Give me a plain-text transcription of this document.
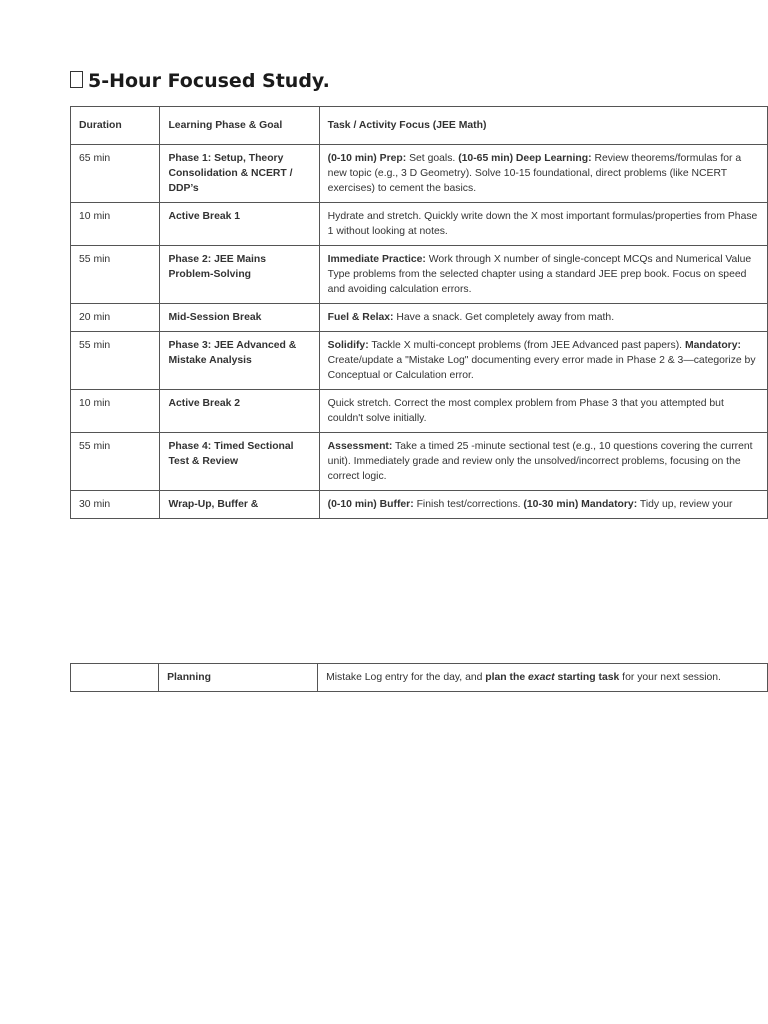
5-Hour Focused Study.
Duration	Learning Phase & Goal	Task / Activity Focus (JEE Math)
65 min	Phase 1: Setup, Theory Consolidation & NCERT / DDP’s	(0-10 min) Prep: Set goals. (10-65 min) Deep Learning: Review theorems/formulas for a new topic (e.g., 3 D Geometry). Solve 10-15 foundational, direct problems (like NCERT exercises) to cement the basics.
10 min	Active Break 1	Hydrate and stretch. Quickly write down the X most important formulas/properties from Phase 1 without looking at notes.
55 min	Phase 2: JEE Mains Problem-Solving	Immediate Practice: Work through X number of single-concept MCQs and Numerical Value Type problems from the selected chapter using a standard JEE prep book. Focus on speed and avoiding calculation errors.
20 min	Mid-Session Break	Fuel & Relax: Have a snack. Get completely away from math.
55 min	Phase 3: JEE Advanced & Mistake Analysis	Solidify: Tackle X multi-concept problems (from JEE Advanced past papers). Mandatory: Create/update a "Mistake Log" documenting every error made in Phase 2 & 3—categorize by Conceptual or Calculation error.
10 min	Active Break 2	Quick stretch. Correct the most complex problem from Phase 3 that you attempted but couldn't solve initially.
55 min	Phase 4: Timed Sectional Test & Review	Assessment: Take a timed 25 -minute sectional test (e.g., 10 questions covering the current unit). Immediately grade and review only the unsolved/incorrect problems, focusing on the correct logic.
30 min	Wrap-Up, Buffer &	(0-10 min) Buffer: Finish test/corrections. (10-30 min) Mandatory: Tidy up, review your
	Planning	Mistake Log entry for the day, and plan the exact starting task for your next session.
